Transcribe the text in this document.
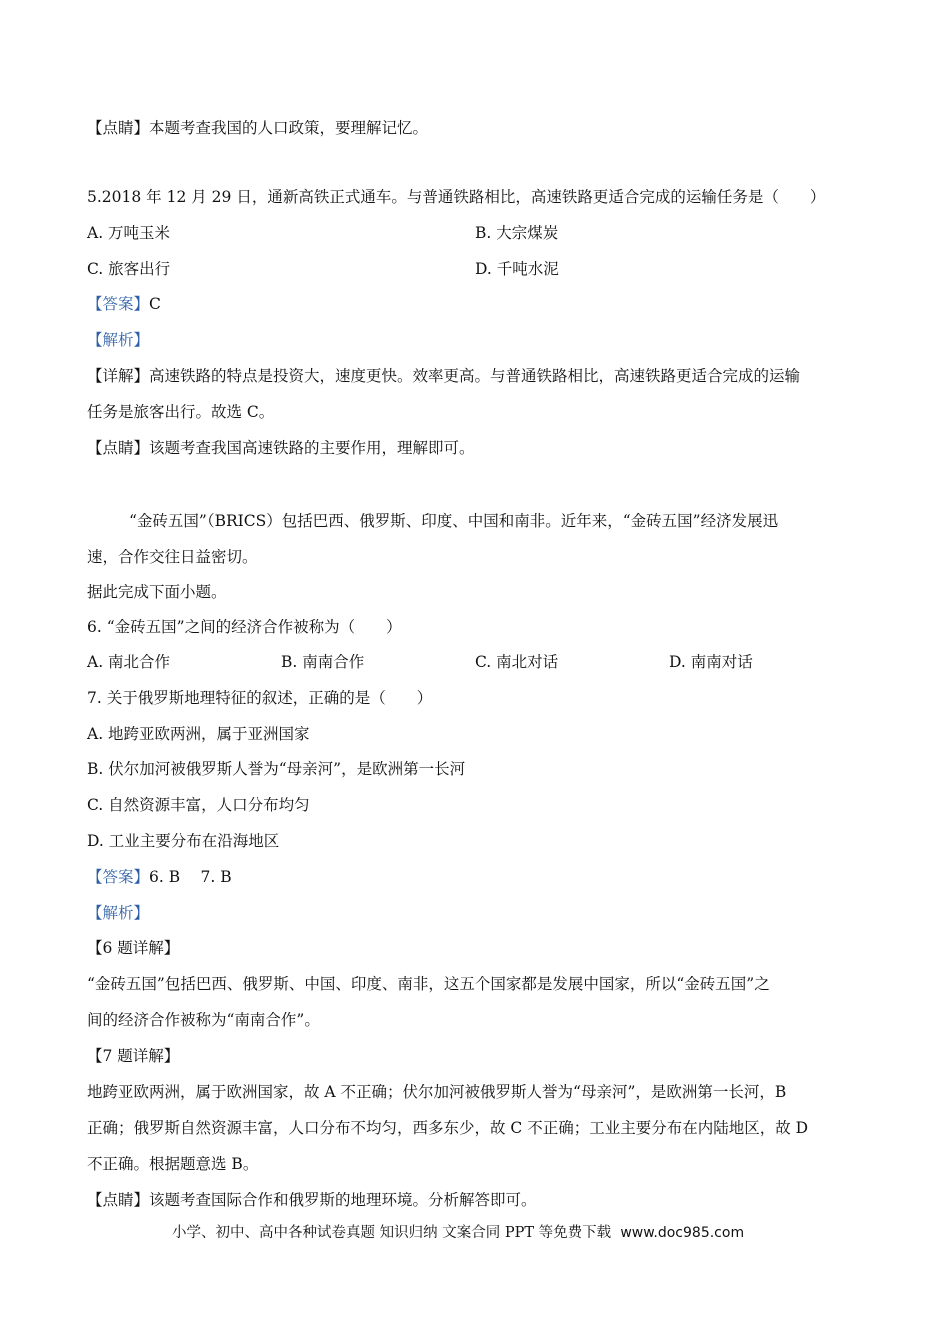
【点睛】本题考查我国的人口政策，要理解记忆。
5.2018 年 12 月 29 日，通新高铁正式通车。与普通铁路相比，高速铁路更适合完成的运输任务是（　　）
A. 万吨玉米	B. 大宗煤炭
C. 旅客出行	D. 千吨水泥
【答案】C
【解析】
【详解】高速铁路的特点是投资大，速度更快。效率更高。与普通铁路相比，高速铁路更适合完成的运输
任务是旅客出行。故选 C。
【点睛】该题考查我国高速铁路的主要作用，理解即可。
“金砖五国”（BRICS）包括巴西、俄罗斯、印度、中国和南非。近年来，“金砖五国”经济发展迅
速，合作交往日益密切。
据此完成下面小题。
6. “金砖五国”之间的经济合作被称为（　　）
A. 南北合作	B. 南南合作	C. 南北对话	D. 南南对话
7. 关于俄罗斯地理特征的叙述，正确的是（　　）
A. 地跨亚欧两洲，属于亚洲国家
B. 伏尔加河被俄罗斯人誉为“母亲河”，是欧洲第一长河
C. 自然资源丰富，人口分布均匀
D. 工业主要分布在沿海地区
【答案】6. B　 7. B
【解析】
【6 题详解】
“金砖五国”包括巴西、俄罗斯、中国、印度、南非，这五个国家都是发展中国家，所以“金砖五国”之
间的经济合作被称为“南南合作”。
【7 题详解】
地跨亚欧两洲，属于欧洲国家，故 A 不正确；伏尔加河被俄罗斯人誉为“母亲河”，是欧洲第一长河，B
正确；俄罗斯自然资源丰富，人口分布不均匀，西多东少，故 C 不正确；工业主要分布在内陆地区，故 D
不正确。根据题意选 B。
【点睛】该题考查国际合作和俄罗斯的地理环境。分析解答即可。
小学、初中、高中各种试卷真题 知识归纳 文案合同 PPT 等免费下载 www.doc985.com
